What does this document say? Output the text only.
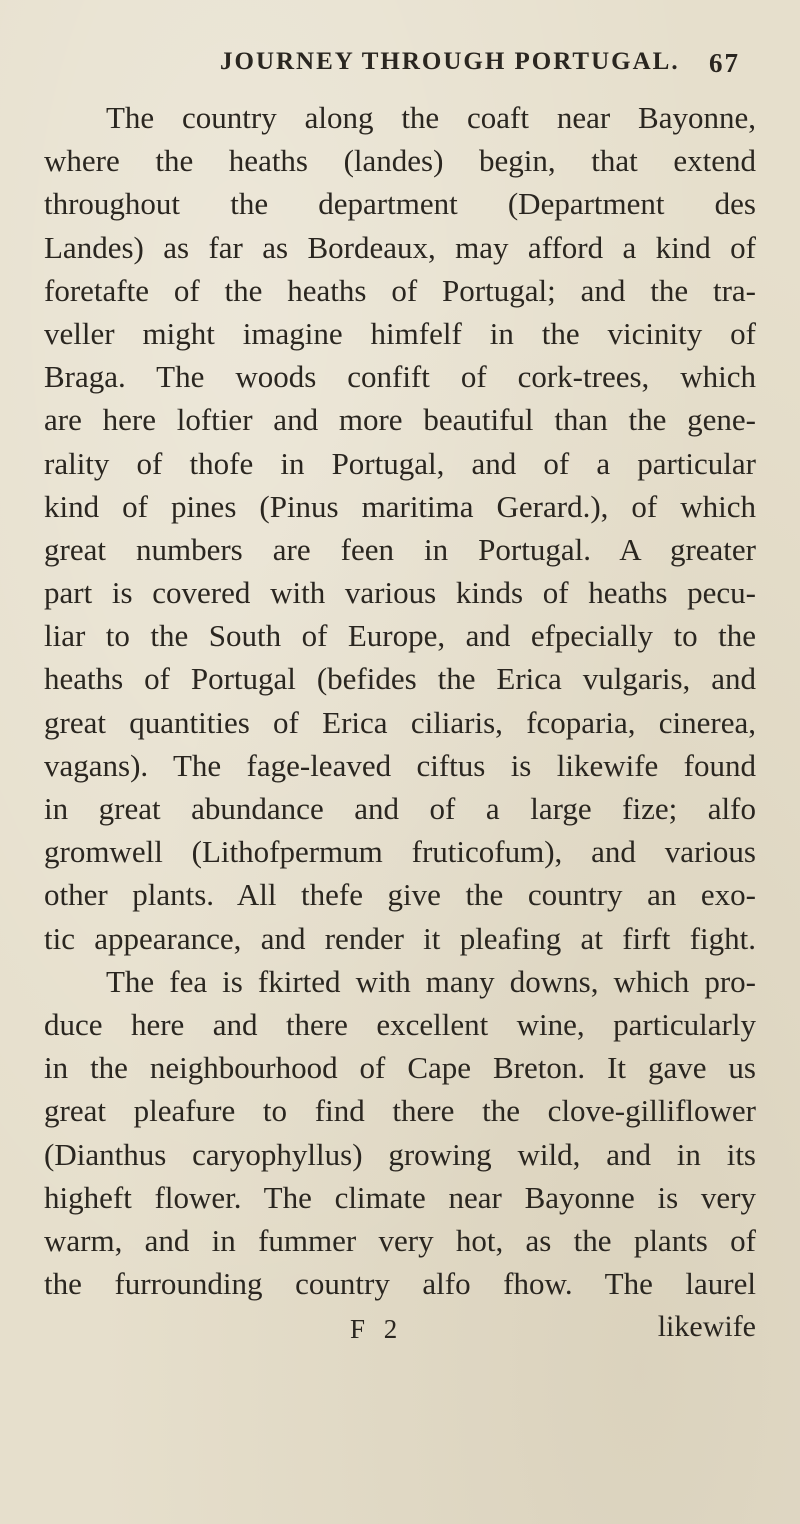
JOURNEY THROUGH PORTUGAL. 67
The country along the coaft near Bayonne,
where the heaths (landes) begin, that extend
throughout the department (Department des
Landes) as far as Bordeaux, may afford a kind of
foretafte of the heaths of Portugal; and the tra-
veller might imagine himfelf in the vicinity of
Braga. The woods confift of cork-trees, which
are here loftier and more beautiful than the gene-
rality of thofe in Portugal, and of a particular
kind of pines (Pinus maritima Gerard.), of which
great numbers are feen in Portugal. A greater
part is covered with various kinds of heaths pecu-
liar to the South of Europe, and efpecially to the
heaths of Portugal (befides the Erica vulgaris, and
great quantities of Erica ciliaris, fcoparia, cinerea,
vagans). The fage-leaved ciftus is likewife found
in great abundance and of a large fize; alfo
gromwell (Lithofpermum fruticofum), and various
other plants. All thefe give the country an exo-
tic appearance, and render it pleafing at firft fight.
The fea is fkirted with many downs, which pro-
duce here and there excellent wine, particularly
in the neighbourhood of Cape Breton. It gave us
great pleafure to find there the clove-gilliflower
(Dianthus caryophyllus) growing wild, and in its
higheft flower. The climate near Bayonne is very
warm, and in fummer very hot, as the plants of
the furrounding country alfo fhow. The laurel
F 2	likewife
